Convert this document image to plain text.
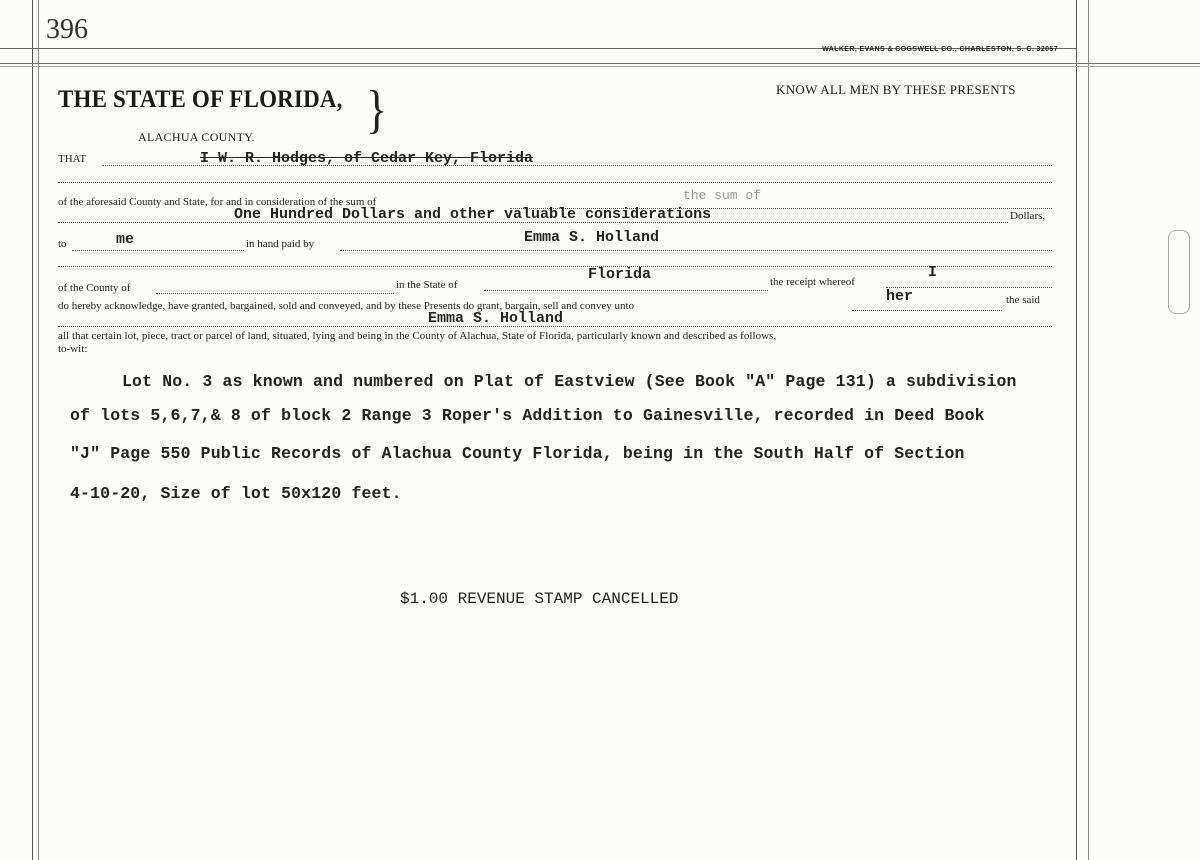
396
WALKER, EVANS & COGSWELL CO., CHARLESTON, S. C. 32057
THE STATE OF FLORIDA, }	KNOW ALL MEN BY THESE PRESENTS
ALACHUA COUNTY.
THAT	I W. R. Hodges, of Cedar Key, Florida
of the aforesaid County and State, for and in consideration of the sum of	the sum of
One Hundred Dollars and other valuable considerations	Dollars,
to	me	in hand paid by	Emma S. Holland
of the County of	in the State of
Florida	the receipt whereof
I
do hereby acknowledge, have granted, bargained, sold and conveyed, and by these Presents do grant, bargain, sell and convey unto
her	the said
Emma S. Holland
all that certain lot, piece, tract or parcel of land, situated, lying and being in the County of Alachua, State of Florida, particularly known and described as follows,
to-wit:
Lot No. 3 as known and numbered on Plat of Eastview (See Book "A" Page 131) a subdivision
of lots 5,6,7,& 8 of block 2 Range 3 Roper's Addition to Gainesville, recorded in Deed Book
"J" Page 550 Public Records of Alachua County Florida, being in the South Half of Section
4-10-20, Size of lot 50x120 feet.
$1.00 REVENUE STAMP CANCELLED
